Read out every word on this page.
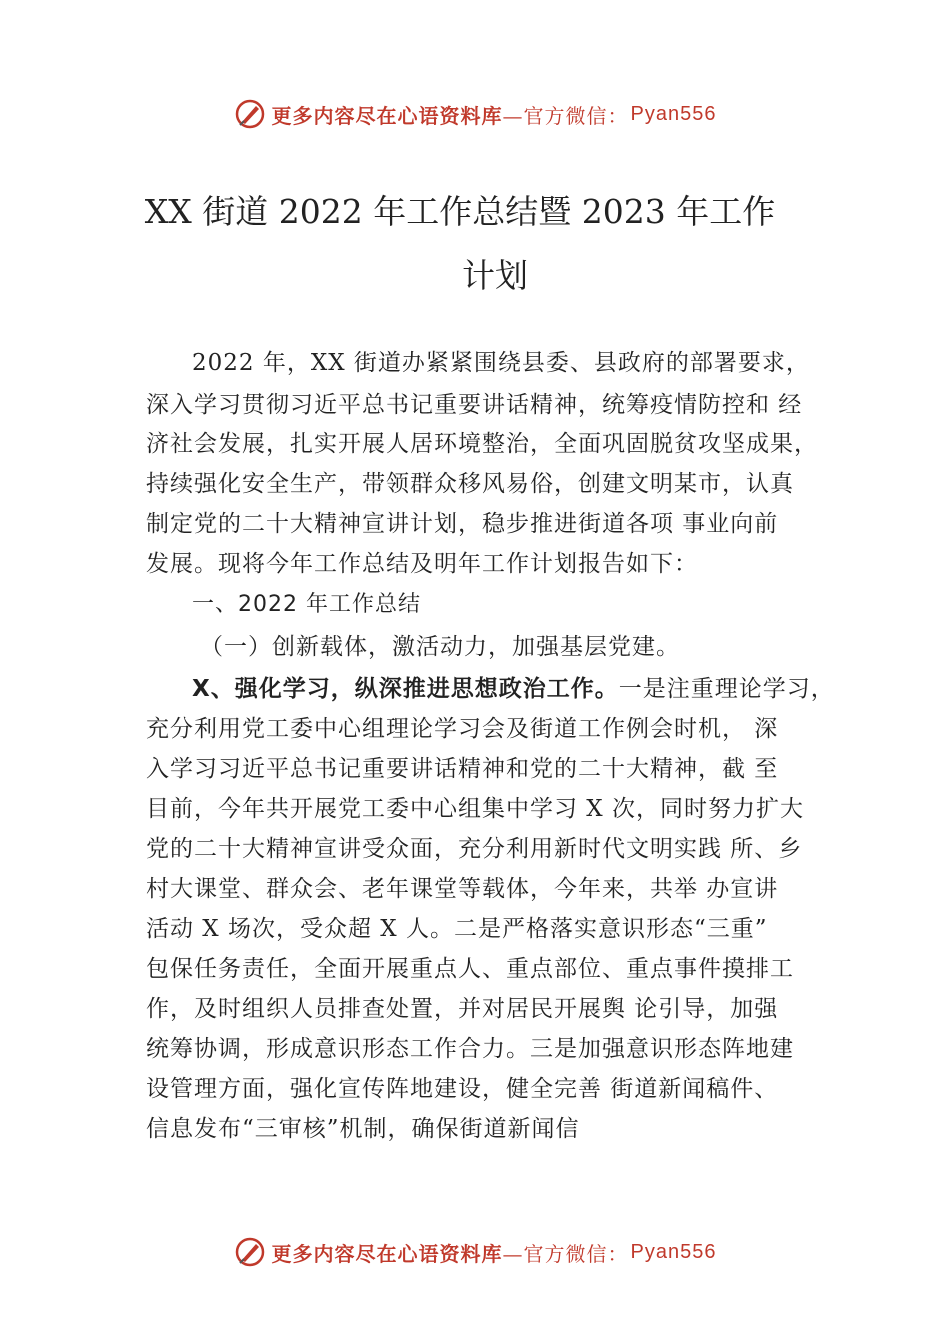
更多内容尽在心语资料库 —官方微信： Pyan556
XX 街道 2022 年工作总结暨 2023 年工作
计划
2022 年，XX 街道办紧紧围绕县委、县政府的部署要求，
深入学习贯彻习近平总书记重要讲话精神，统筹疫情防控和 经
济社会发展，扎实开展人居环境整治，全面巩固脱贫攻坚成果，
持续强化安全生产，带领群众移风易俗，创建文明某市，认真
制定党的二十大精神宣讲计划，稳步推进街道各项 事业向前
发展。现将今年工作总结及明年工作计划报告如下：
一、2022 年工作总结
（一）创新载体，激活动力，加强基层党建。
X、强化学习，纵深推进思想政治工作。一是注重理论学习，
充分利用党工委中心组理论学习会及街道工作例会时机， 深
入学习习近平总书记重要讲话精神和党的二十大精神，截 至
目前，今年共开展党工委中心组集中学习 X 次，同时努力扩大
党的二十大精神宣讲受众面，充分利用新时代文明实践 所、乡
村大课堂、群众会、老年课堂等载体，今年来，共举 办宣讲
活动 X 场次，受众超 X 人。二是严格落实意识形态“三重”
包保任务责任，全面开展重点人、重点部位、重点事件摸排工
作，及时组织人员排查处置，并对居民开展舆 论引导，加强
统筹协调，形成意识形态工作合力。三是加强意识形态阵地建
设管理方面，强化宣传阵地建设，健全完善 街道新闻稿件、
信息发布“三审核”机制，确保街道新闻信
更多内容尽在心语资料库 —官方微信： Pyan556
